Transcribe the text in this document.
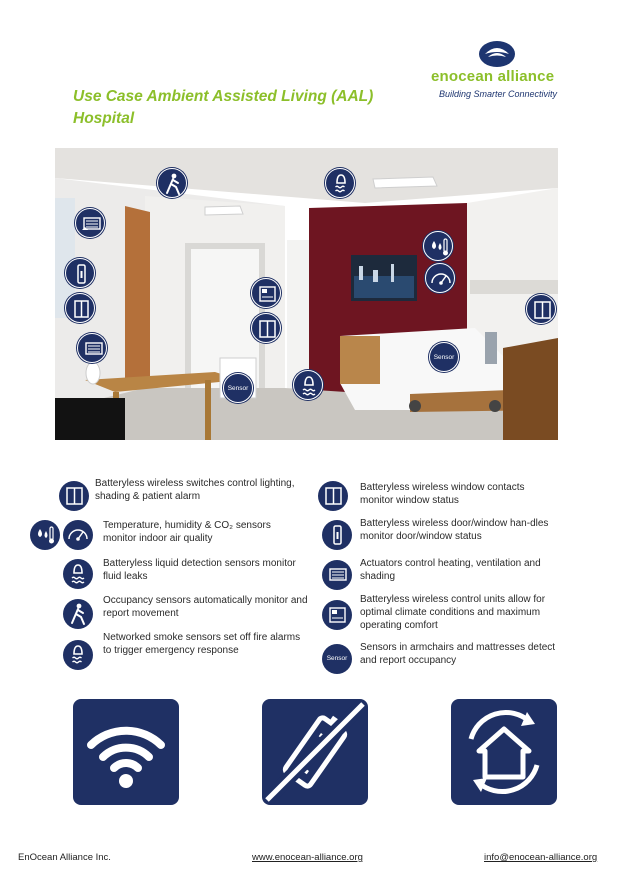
Use Case Ambient Assisted Living (AAL)
Hospital
enocean alliance
Building Smarter Connectivity
Sensor
Sensor
Batteryless wireless switches control lighting, shading & patient alarm
Temperature, humidity & CO₂ sensors monitor indoor air quality
Batteryless liquid detection sensors monitor fluid leaks
Occupancy sensors automatically monitor and report movement
Networked smoke sensors set off fire alarms to trigger emergency response
Batteryless wireless window contacts monitor window status
Batteryless wireless door/window han-dles monitor door/window status
Actuators control heating, ventilation and shading
Batteryless wireless control units allow for optimal climate conditions and maximum operating comfort
Sensor
Sensors in armchairs and mattresses detect and report occupancy
EnOcean Alliance Inc.	www.enocean-alliance.org	info@enocean-alliance.org
